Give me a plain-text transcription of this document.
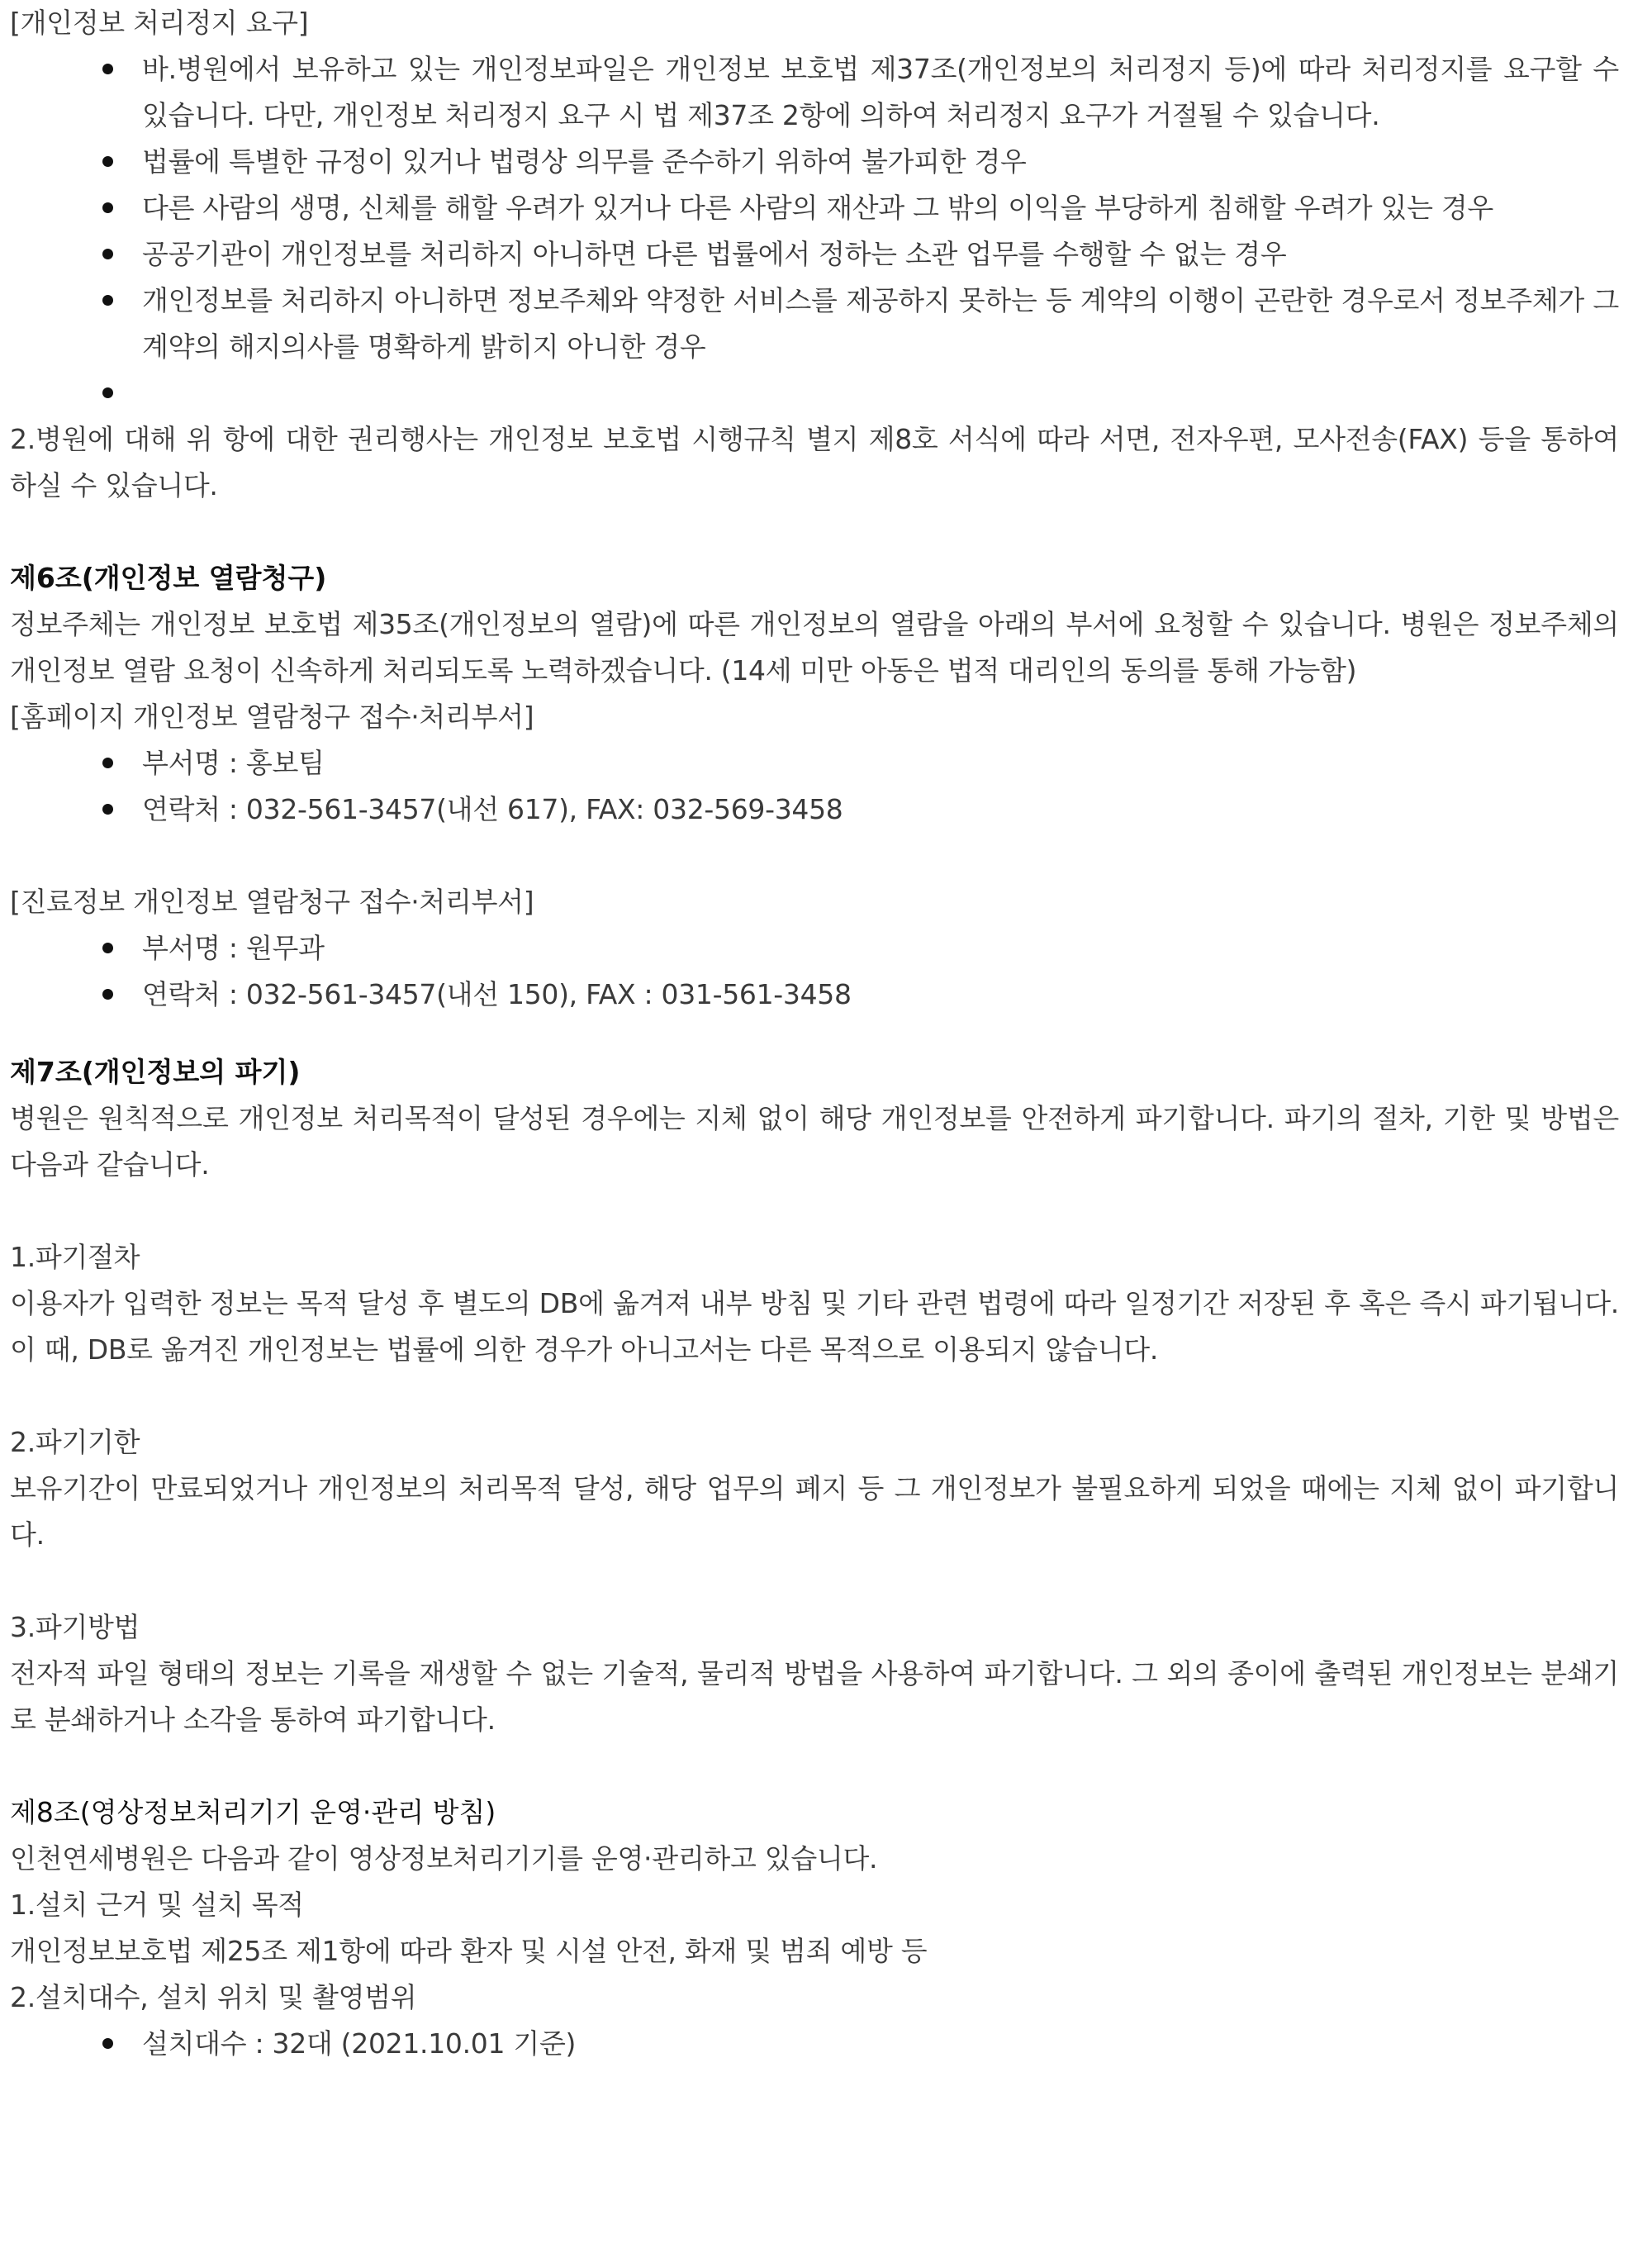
[개인정보 처리정지 요구]

바.병원에서 보유하고 있는 개인정보파일은 개인정보 보호법 제37조(개인정보의 처리정지 등)에 따라 처리정지를 요구할 수 있습니다. 다만, 개인정보 처리정지 요구 시 법 제37조 2항에 의하여 처리정지 요구가 거절될 수 있습니다.
법률에 특별한 규정이 있거나 법령상 의무를 준수하기 위하여 불가피한 경우
다른 사람의 생명, 신체를 해할 우려가 있거나 다른 사람의 재산과 그 밖의 이익을 부당하게 침해할 우려가 있는 경우
공공기관이 개인정보를 처리하지 아니하면 다른 법률에서 정하는 소관 업무를 수행할 수 없는 경우
개인정보를 처리하지 아니하면 정보주체와 약정한 서비스를 제공하지 못하는 등 계약의 이행이 곤란한 경우로서 정보주체가 그 계약의 해지의사를 명확하게 밝히지 아니한 경우

2.병원에 대해 위 항에 대한 권리행사는 개인정보 보호법 시행규칙 별지 제8호 서식에 따라 서면, 전자우편, 모사전송(FAX) 등을 통하여 하실 수 있습니다.

제6조(개인정보 열람청구)

정보주체는 개인정보 보호법 제35조(개인정보의 열람)에 따른 개인정보의 열람을 아래의 부서에 요청할 수 있습니다. 병원은 정보주체의 개인정보 열람 요청이 신속하게 처리되도록 노력하겠습니다. (14세 미만 아동은 법적 대리인의 동의를 통해 가능함)

[홈페이지 개인정보 열람청구 접수·처리부서]

부서명 : 홍보팀
연락처 : 032-561-3457(내선 617), FAX: 032-569-3458

[진료정보 개인정보 열람청구 접수·처리부서]

부서명 : 원무과
연락처 : 032-561-3457(내선 150), FAX : 031-561-3458

제7조(개인정보의 파기)

병원은 원칙적으로 개인정보 처리목적이 달성된 경우에는 지체 없이 해당 개인정보를 안전하게 파기합니다. 파기의 절차, 기한 및 방법은 다음과 같습니다.

1.파기절차

이용자가 입력한 정보는 목적 달성 후 별도의 DB에 옮겨져 내부 방침 및 기타 관련 법령에 따라 일정기간 저장된 후 혹은 즉시 파기됩니다. 이 때, DB로 옮겨진 개인정보는 법률에 의한 경우가 아니고서는 다른 목적으로 이용되지 않습니다.

2.파기기한

보유기간이 만료되었거나 개인정보의 처리목적 달성, 해당 업무의 폐지 등 그 개인정보가 불필요하게 되었을 때에는 지체 없이 파기합니다.

3.파기방법

전자적 파일 형태의 정보는 기록을 재생할 수 없는 기술적, 물리적 방법을 사용하여 파기합니다. 그 외의 종이에 출력된 개인정보는 분쇄기로 분쇄하거나 소각을 통하여 파기합니다.

제8조(영상정보처리기기 운영·관리 방침)

인천연세병원은 다음과 같이 영상정보처리기기를 운영·관리하고 있습니다.

1.설치 근거 및 설치 목적

개인정보보호법 제25조 제1항에 따라 환자 및 시설 안전, 화재 및 범죄 예방 등

2.설치대수, 설치 위치 및 촬영범위

설치대수 : 32대 (2021.10.01 기준)
